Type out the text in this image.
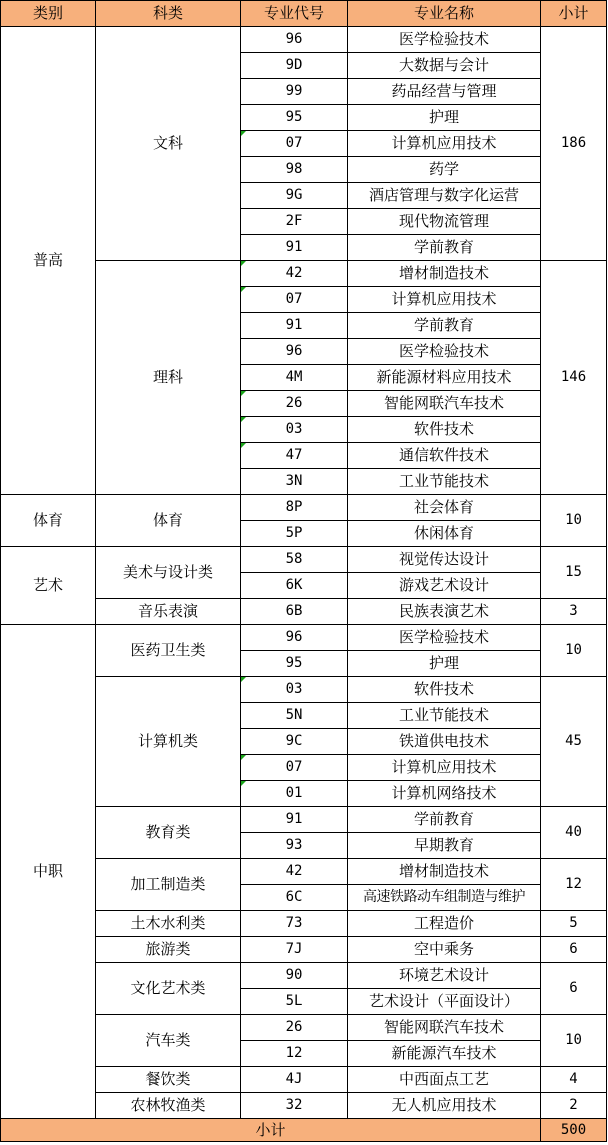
类别	科类	专业代号	专业名称	小计
普高	文科	96	医学检验技术	186
		9D	大数据与会计	
		99	药品经营与管理	
		95	护理	
		07	计算机应用技术	
		98	药学	
		9G	酒店管理与数字化运营	
		2F	现代物流管理	
		91	学前教育	
	理科	42	增材制造技术	146
		07	计算机应用技术	
		91	学前教育	
		96	医学检验技术	
		4M	新能源材料应用技术	
		26	智能网联汽车技术	
		03	软件技术	
		47	通信软件技术	
		3N	工业节能技术	
体育	体育	8P	社会体育	10
		5P	休闲体育	
艺术	美术与设计类	58	视觉传达设计	15
		6K	游戏艺术设计	
	音乐表演	6B	民族表演艺术	3
中职	医药卫生类	96	医学检验技术	10
		95	护理	
	计算机类	03	软件技术	45
		5N	工业节能技术	
		9C	铁道供电技术	
		07	计算机应用技术	
		01	计算机网络技术	
	教育类	91	学前教育	40
		93	早期教育	
	加工制造类	42	增材制造技术	12
		6C	高速铁路动车组制造与维护	
	土木水利类	73	工程造价	5
	旅游类	7J	空中乘务	6
	文化艺术类	90	环境艺术设计	6
		5L	艺术设计（平面设计）	
	汽车类	26	智能网联汽车技术	10
		12	新能源汽车技术	
	餐饮类	4J	中西面点工艺	4
	农林牧渔类	32	无人机应用技术	2
小计				500
